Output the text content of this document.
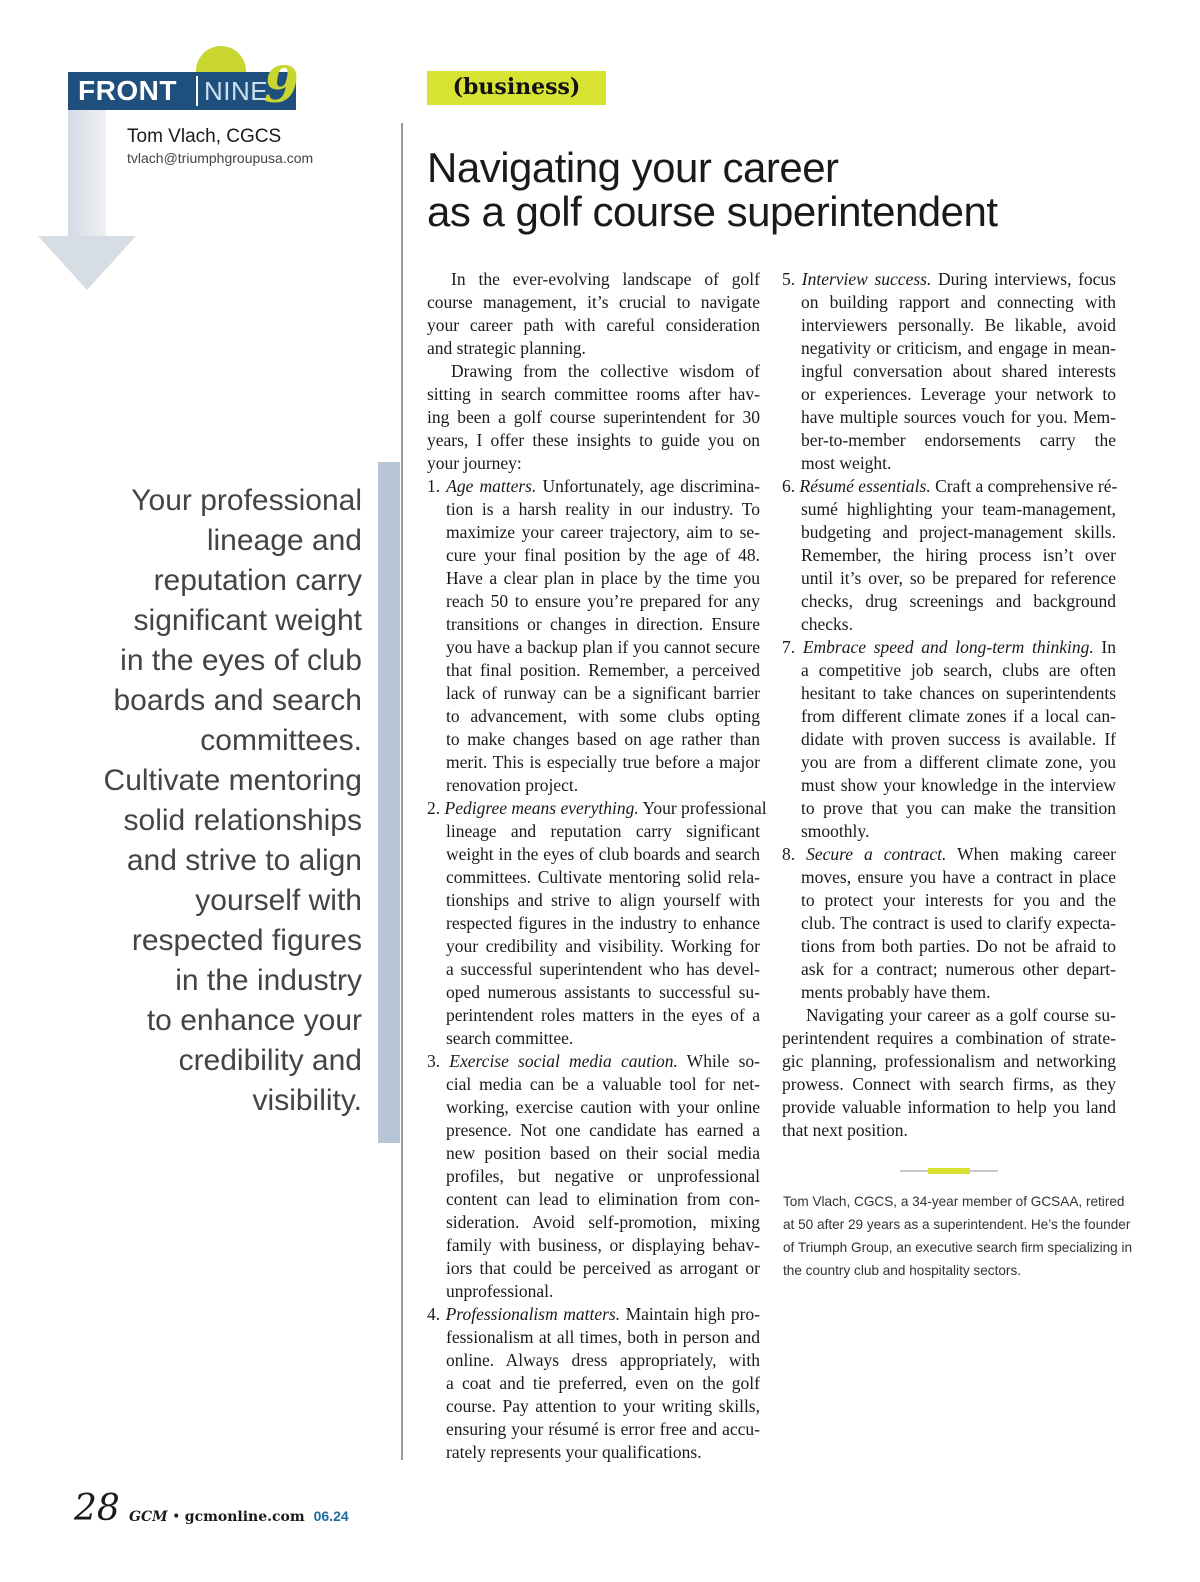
FRONT NINE
9
Tom Vlach, CGCS
tvlach@triumphgroupusa.com
(business)
Navigating your career
as a golf course superintendent
Your professional
lineage and
reputation carry
significant weight
in the eyes of club
boards and search
committees.
Cultivate mentoring
solid relationships
and strive to align
yourself with
respected figures
in the industry
to enhance your
credibility and
visibility.
In the ever-evolving landscape of golf
course management, it’s crucial to navigate
your career path with careful consideration
and strategic planning.
Drawing from the collective wisdom of
sitting in search committee rooms after hav-
ing been a golf course superintendent for 30
years, I offer these insights to guide you on
your journey:
1. Age matters. Unfortunately, age discrimina-
tion is a harsh reality in our industry. To
maximize your career trajectory, aim to se-
cure your final position by the age of 48.
Have a clear plan in place by the time you
reach 50 to ensure you’re prepared for any
transitions or changes in direction. Ensure
you have a backup plan if you cannot secure
that final position. Remember, a perceived
lack of runway can be a significant barrier
to advancement, with some clubs opting
to make changes based on age rather than
merit. This is especially true before a major
renovation project.
2. Pedigree means everything. Your professional
lineage and reputation carry significant
weight in the eyes of club boards and search
committees. Cultivate mentoring solid rela-
tionships and strive to align yourself with
respected figures in the industry to enhance
your credibility and visibility. Working for
a successful superintendent who has devel-
oped numerous assistants to successful su-
perintendent roles matters in the eyes of a
search committee.
3. Exercise social media caution. While so-
cial media can be a valuable tool for net-
working, exercise caution with your online
presence. Not one candidate has earned a
new position based on their social media
profiles, but negative or unprofessional
content can lead to elimination from con-
sideration. Avoid self-promotion, mixing
family with business, or displaying behav-
iors that could be perceived as arrogant or
unprofessional.
4. Professionalism matters. Maintain high pro-
fessionalism at all times, both in person and
online. Always dress appropriately, with
a coat and tie preferred, even on the golf
course. Pay attention to your writing skills,
ensuring your résumé is error free and accu-
rately represents your qualifications.
5. Interview success. During interviews, focus
on building rapport and connecting with
interviewers personally. Be likable, avoid
negativity or criticism, and engage in mean-
ingful conversation about shared interests
or experiences. Leverage your network to
have multiple sources vouch for you. Mem-
ber-to-member endorsements carry the
most weight.
6. Résumé essentials. Craft a comprehensive ré-
sumé highlighting your team-management,
budgeting and project-management skills.
Remember, the hiring process isn’t over
until it’s over, so be prepared for reference
checks, drug screenings and background
checks.
7. Embrace speed and long-term thinking. In
a competitive job search, clubs are often
hesitant to take chances on superintendents
from different climate zones if a local can-
didate with proven success is available. If
you are from a different climate zone, you
must show your knowledge in the interview
to prove that you can make the transition
smoothly.
8. Secure a contract. When making career
moves, ensure you have a contract in place
to protect your interests for you and the
club. The contract is used to clarify expecta-
tions from both parties. Do not be afraid to
ask for a contract; numerous other depart-
ments probably have them.
Navigating your career as a golf course su-
perintendent requires a combination of strate-
gic planning, professionalism and networking
prowess. Connect with search firms, as they
provide valuable information to help you land
that next position.
Tom Vlach, CGCS, a 34-year member of GCSAA, retired
at 50 after 29 years as a superintendent. He’s the founder
of Triumph Group, an executive search firm specializing in
the country club and hospitality sectors.
28 GCM • gcmonline.com 06.24
